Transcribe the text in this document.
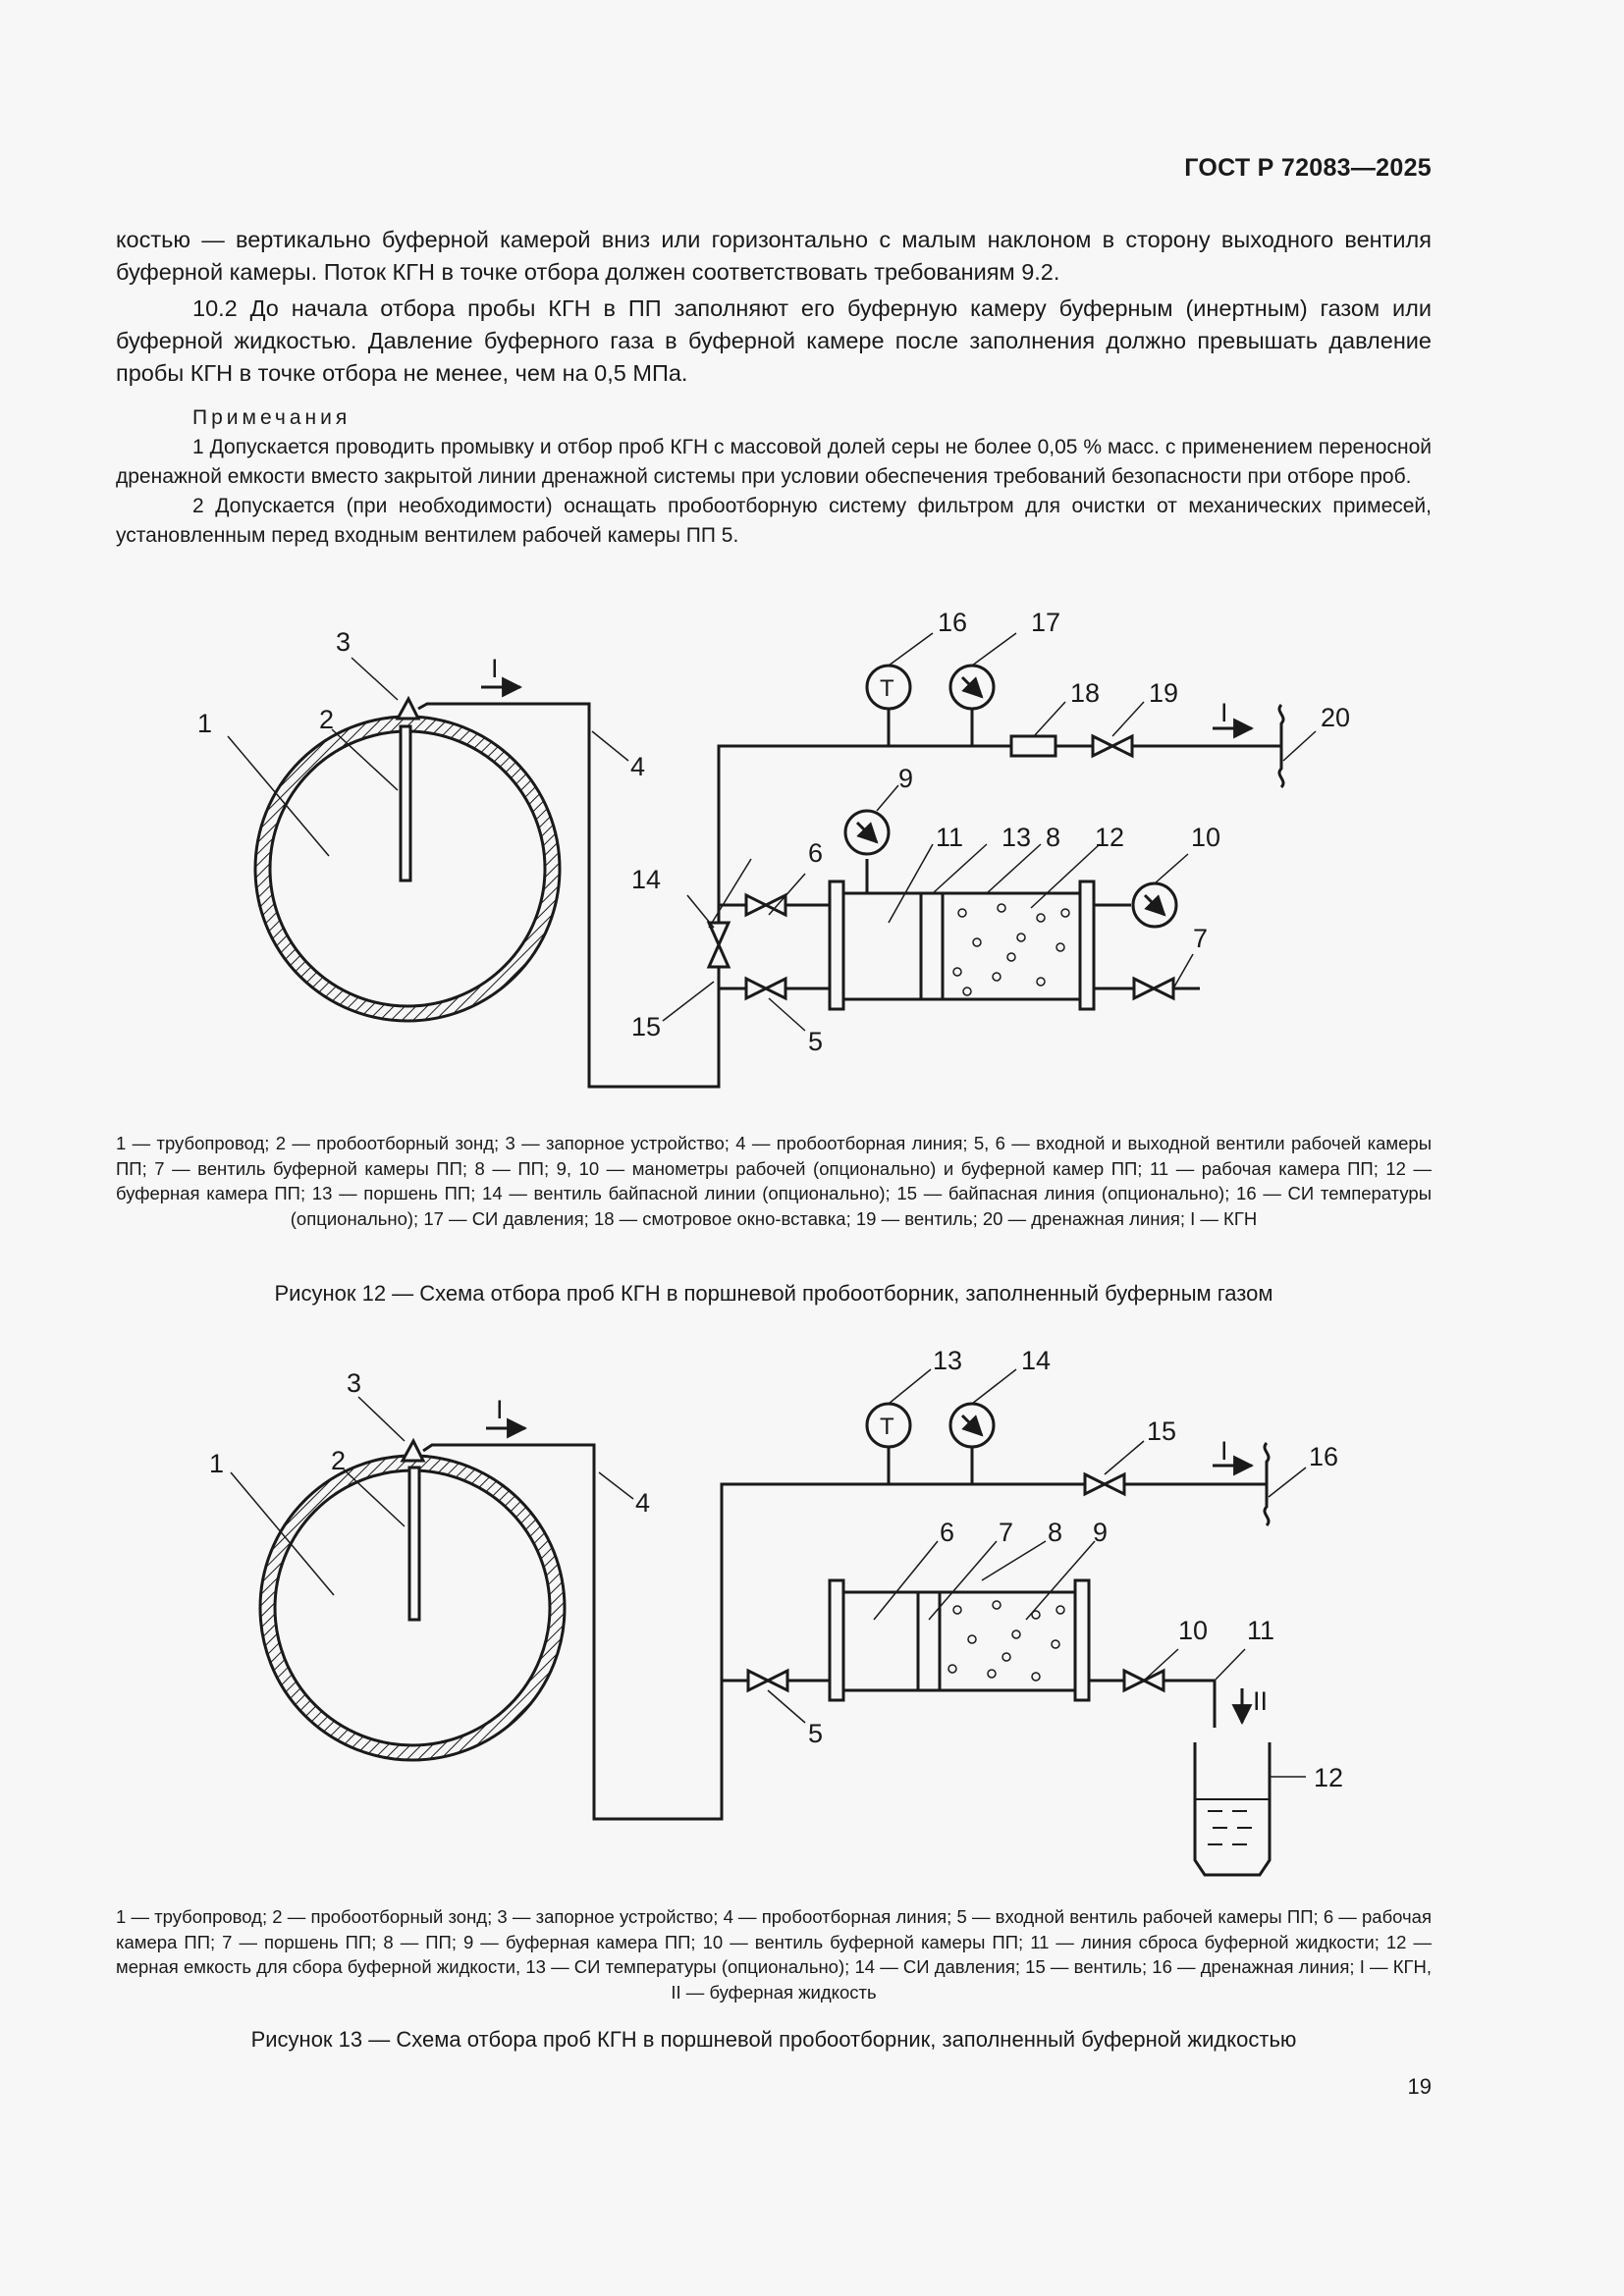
ГОСТ Р 72083—2025

костью — вертикально буферной камерой вниз или горизонтально с малым наклоном в сторону выходного вентиля буферной камеры. Поток КГН в точке отбора должен соответствовать требованиям 9.2.

10.2 До начала отбора пробы КГН в ПП заполняют его буферную камеру буферным (инертным) газом или буферной жидкостью. Давление буферного газа в буферной камере после заполнения должно превышать давление пробы КГН в точке отбора не менее, чем на 0,5 МПа.

Примечания

1 Допускается проводить промывку и отбор проб КГН с массовой долей серы не более 0,05 % масс. с применением переносной дренажной емкости вместо закрытой линии дренажной системы при условии обеспечения требований безопасности при отборе проб.

2 Допускается (при необходимости) оснащать пробоотборную систему фильтром для очистки от механических примесей, установленным перед входным вентилем рабочей камеры ПП 5.

1	2
3
4
5
6
7
8
9
10
11	12
13
14
15
16 17
18 19
20
I
I
T
1	2
3
4
5
6 7 8 9
10 11
12
13 14
15
16
I
I
II
T
1 — трубопровод; 2 — пробоотборный зонд; 3 — запорное устройство; 4 — пробоотборная линия; 5, 6 — входной и выходной вентили рабочей камеры ПП; 7 — вентиль буферной камеры ПП; 8 — ПП; 9, 10 — манометры рабочей (опционально) и буферной камер ПП; 11 — рабочая камера ПП; 12 — буферная камера ПП; 13 — поршень ПП; 14 — вентиль байпасной линии (опционально); 15 — байпасная линия (опционально); 16 — СИ температуры (опционально); 17 — СИ давления; 18 — смотровое окно-вставка; 19 — вентиль; 20 — дренажная линия; I — КГН
Рисунок 12 — Схема отбора проб КГН в поршневой пробоотборник, заполненный буферным газом
1 — трубопровод; 2 — пробоотборный зонд; 3 — запорное устройство; 4 — пробоотборная линия; 5 — входной вентиль рабочей камеры ПП; 6 — рабочая камера ПП; 7 — поршень ПП; 8 — ПП; 9 — буферная камера ПП; 10 — вентиль буферной камеры ПП; 11 — линия сброса буферной жидкости; 12 — мерная емкость для сбора буферной жидкости, 13 — СИ температуры (опционально); 14 — СИ давления; 15 — вентиль; 16 — дренажная линия; I — КГН, II — буферная жидкость
Рисунок 13 — Схема отбора проб КГН в поршневой пробоотборник, заполненный буферной жидкостью
19
